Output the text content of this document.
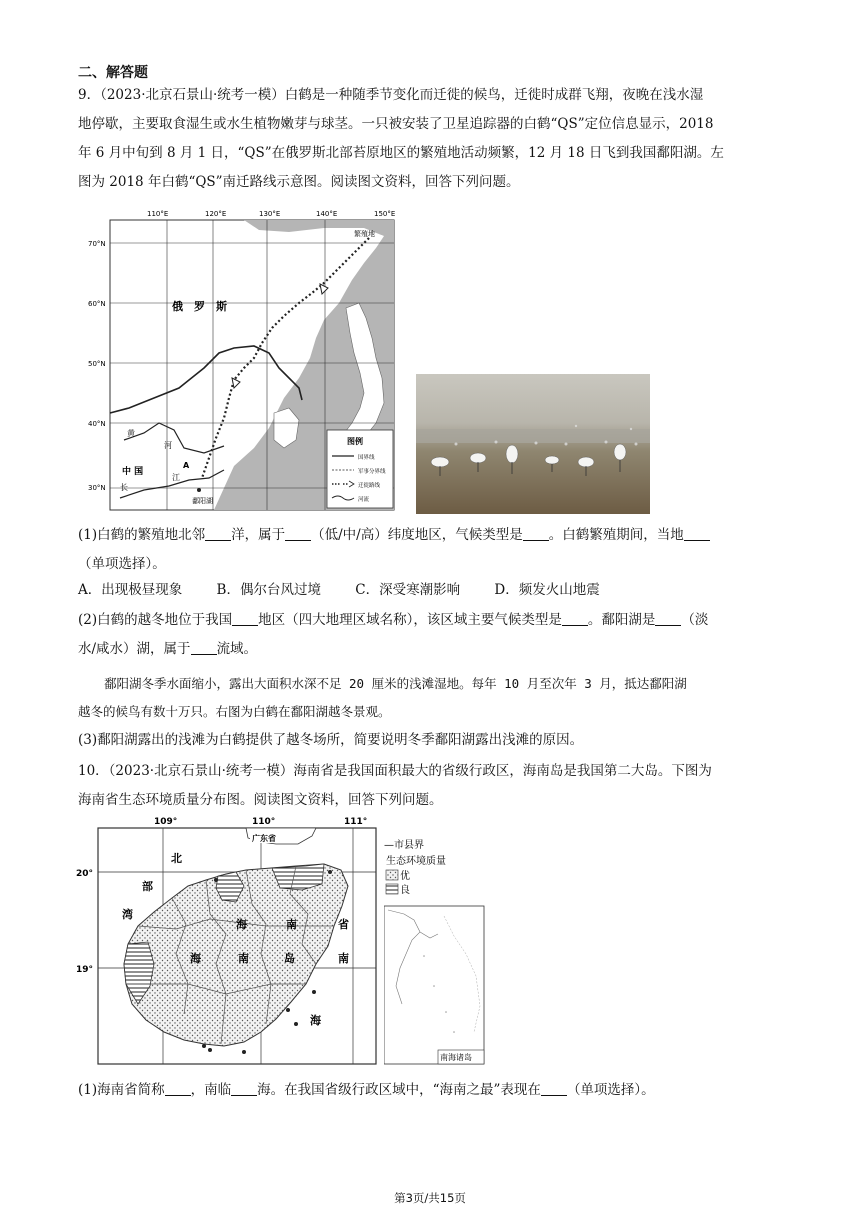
二、解答题
9．（2023·北京石景山·统考一模）白鹤是一种随季节变化而迁徙的候鸟，迁徙时成群飞翔，夜晚在浅水湿
地停歇，主要取食湿生或水生植物嫩芽与球茎。一只被安装了卫星追踪器的白鹤“QS”定位信息显示，2018
年 6 月中旬到 8 月 1 日，“QS”在俄罗斯北部苔原地区的繁殖地活动频繁，12 月 18 日飞到我国鄱阳湖。左
图为 2018 年白鹤“QS”南迁路线示意图。阅读图文资料，回答下列问题。
110°E	120°E	130°E	140°E	150°E
70°N
60°N
50°N
40°N
30°N
繁殖地
俄　罗　斯
中 国
黄
河
长
江
A
鄱阳湖
图例
国界线
军事分界线
迁徙路线
河流
(1)白鹤的繁殖地北邻 洋，属于 （低/中/高）纬度地区，气候类型是 。白鹤繁殖期间，当地
（单项选择）。
A．出现极昼现象	B．偶尔台风过境	C．深受寒潮影响	D．频发火山地震
(2)白鹤的越冬地位于我国 地区（四大地理区域名称），该区域主要气候类型是 。鄱阳湖是 （淡
水/咸水）湖，属于 流域。
鄱阳湖冬季水面缩小，露出大面积水深不足 20 厘米的浅滩湿地。每年 10 月至次年 3 月，抵达鄱阳湖
越冬的候鸟有数十万只。右图为白鹤在鄱阳湖越冬景观。
(3)鄱阳湖露出的浅滩为白鹤提供了越冬场所，简要说明冬季鄱阳湖露出浅滩的原因。
10．（2023·北京石景山·统考一模）海南省是我国面积最大的省级行政区，海南岛是我国第二大岛。下图为
海南省生态环境质量分布图。阅读图文资料，回答下列问题。
109°	110°	111°
20°
19°
广东省
北
部
湾
海	南	省
海	南	岛	南
海
—市县界
生态环境质量
优
良
南海诸岛
(1)海南省简称 ，南临 海。在我国省级行政区域中，“海南之最”表现在 （单项选择）。
第3页/共15页
